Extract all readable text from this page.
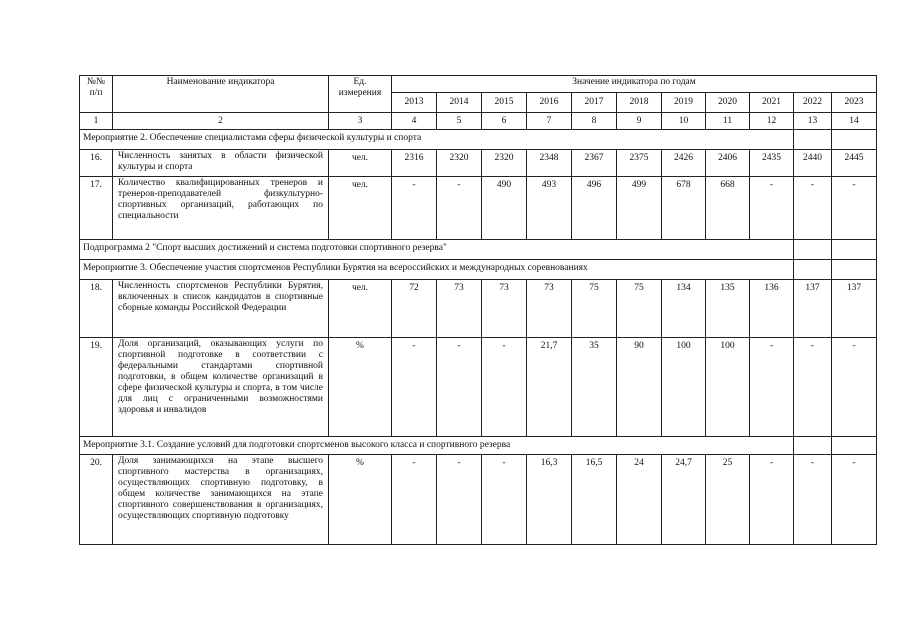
№№ п/п	Наименование индикатора	Ед. измерения	Значение индикатора по годам										
			2013	2014	2015	2016	2017	2018	2019	2020	2021	2022	2023
1	2	3	4	5	6	7	8	9	10	11	12	13	14
Мероприятие 2. Обеспечение специалистами сферы физической культуры и спорта													
16.	Численность занятых в области физической культуры и спорта	чел.	2316	2320	2320	2348	2367	2375	2426	2406	2435	2440	2445
17.	Количество квалифицированных тренеров и тренеров-преподавателей физкультурно-спортивных организаций, работающих по специальности	чел.	-	-	490	493	496	499	678	668	-	-	-
Подпрограмма 2 "Спорт высших достижений и система подготовки спортивного резерва"													
Мероприятие 3. Обеспечение участия спортсменов Республики Бурятия на всероссийских и международных соревнованиях													
18.	Численность спортсменов Республики Бурятия, включенных в список кандидатов в спортивные сборные команды Российской Федерации	чел.	72	73	73	73	75	75	134	135	136	137	137
19.	Доля организаций, оказывающих услуги по спортивной подготовке в соответствии с федеральными стандартами спортивной подготовки, в общем количестве организаций в сфере физической культуры и спорта, в том числе для лиц с ограниченными возможностями здоровья и инвалидов	%	-	-	-	21,7	35	90	100	100	-	-	-
Мероприятие 3.1. Создание условий для подготовки спортсменов высокого класса и спортивного резерва													
20.	Доля занимающихся на этапе высшего спортивного мастерства в организациях, осуществляющих спортивную подготовку, в общем количестве занимающихся на этапе спортивного совершенствования в организациях, осуществляющих спортивную подготовку	%	-	-	-	16,3	16,5	24	24,7	25	-	-	-
